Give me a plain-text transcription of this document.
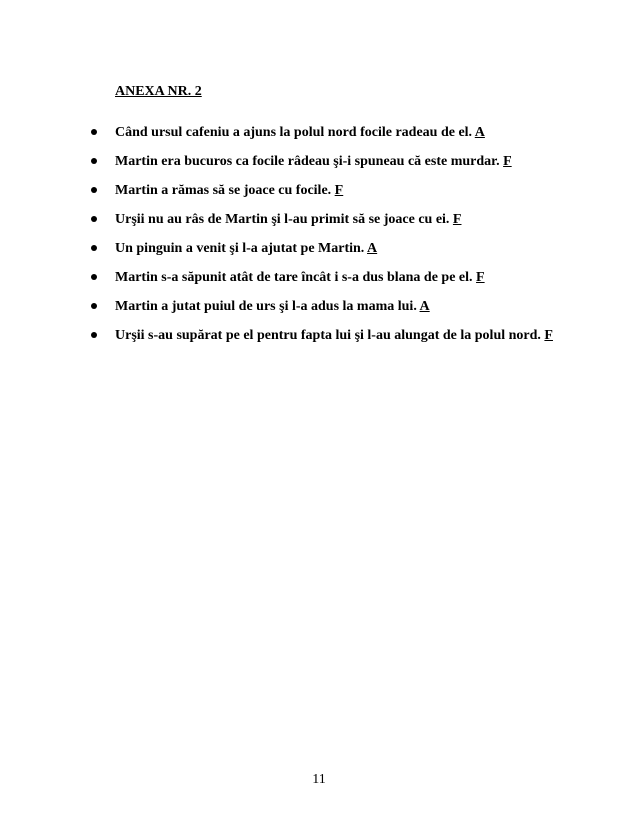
ANEXA NR. 2

Când ursul cafeniu a ajuns la polul nord focile radeau de el. A
Martin era bucuros ca focile râdeau şi-i spuneau că este murdar. F
Martin a rămas să se joace cu focile. F
Urşii nu au râs de Martin şi l-au primit să se joace cu ei. F
Un pinguin a venit şi l-a ajutat pe Martin. A
Martin s-a săpunit atât de tare încât i s-a dus blana de pe el. F
Martin a jutat puiul de urs şi l-a adus la mama lui. A
Urşii s-au supărat pe el pentru fapta lui şi l-au alungat de la polul nord. F

11
